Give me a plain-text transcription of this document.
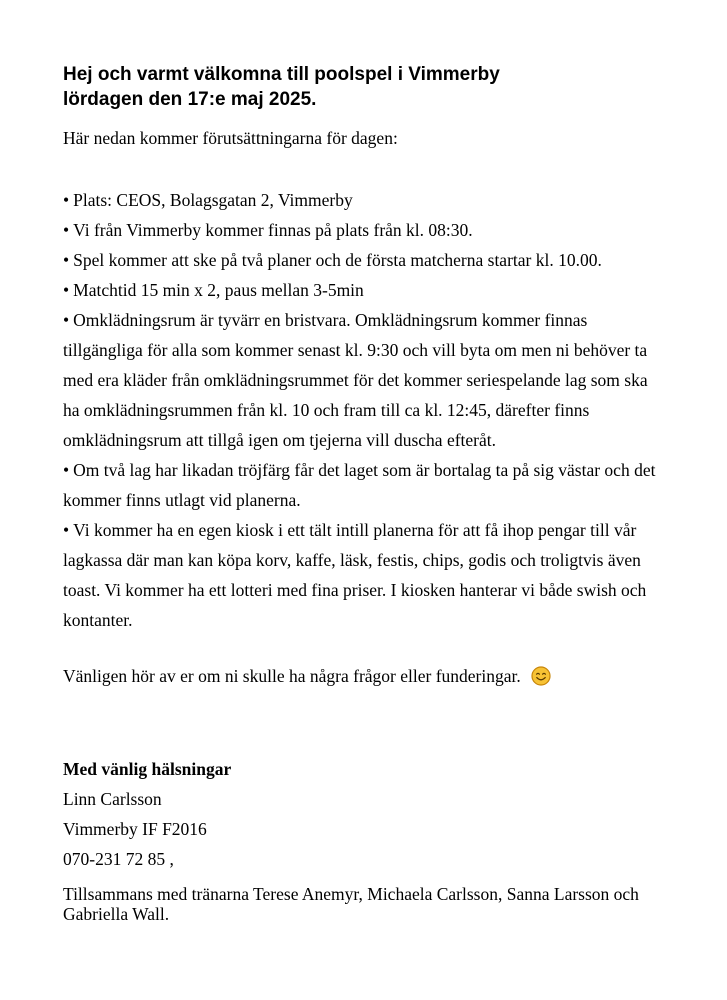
Hej och varmt välkomna till poolspel i Vimmerby
lördagen den 17:e maj 2025.

Här nedan kommer förutsättningarna för dagen:

• Plats: CEOS, Bolagsgatan 2, Vimmerby
• Vi från Vimmerby kommer finnas på plats från kl. 08:30.
• Spel kommer att ske på två planer och de första matcherna startar kl. 10.00.
• Matchtid 15 min x 2, paus mellan 3-5min
• Omklädningsrum är tyvärr en bristvara. Omklädningsrum kommer finnas tillgängliga för alla som kommer senast kl. 9:30 och vill byta om men ni behöver ta med era kläder från omklädningsrummet för det kommer seriespelande lag som ska ha omklädningsrummen från kl. 10 och fram till ca kl. 12:45, därefter finns omklädningsrum att tillgå igen om tjejerna vill duscha efteråt.
• Om två lag har likadan tröjfärg får det laget som är bortalag ta på sig västar och det kommer finns utlagt vid planerna.
• Vi kommer ha en egen kiosk i ett tält intill planerna för att få ihop pengar till vår lagkassa där man kan köpa korv, kaffe, läsk, festis, chips, godis och troligtvis även toast. Vi kommer ha ett lotteri med fina priser. I kiosken hanterar vi både swish och kontanter.

Vänligen hör av er om ni skulle ha några frågor eller funderingar.

Med vänlig hälsningar
Linn Carlsson
Vimmerby IF F2016
070-231 72 85 ,

Tillsammans med tränarna Terese Anemyr, Michaela Carlsson, Sanna Larsson och Gabriella Wall.
